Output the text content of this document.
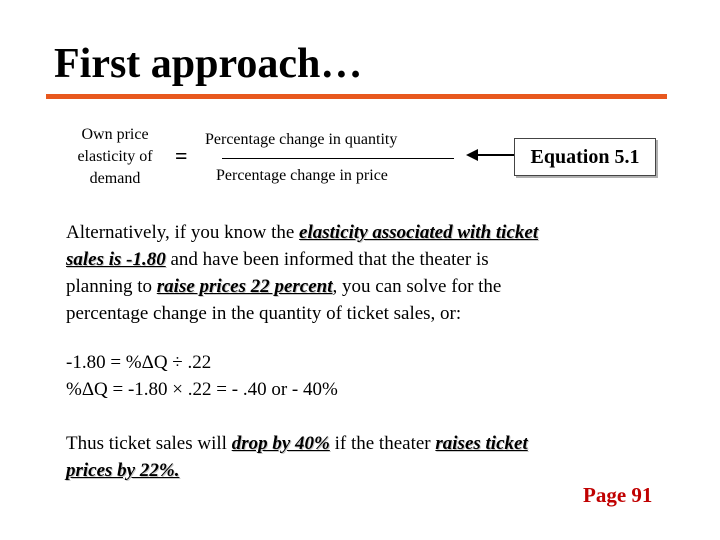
First approach…
Own price
elasticity of
demand
=
Percentage change in quantity
Percentage change in price
Equation 5.1

Alternatively, if you know the elasticity associated with ticket

sales is -1.80 and have been informed that the theater is

planning to raise prices 22 percent, you can solve for the

percentage change in the quantity of ticket sales, or:

-1.80 = %ΔQ ÷ .22

%ΔQ = -1.80 × .22 = - .40 or - 40%

Thus ticket sales will drop by 40% if the theater raises ticket

prices by 22%.

Page 91
